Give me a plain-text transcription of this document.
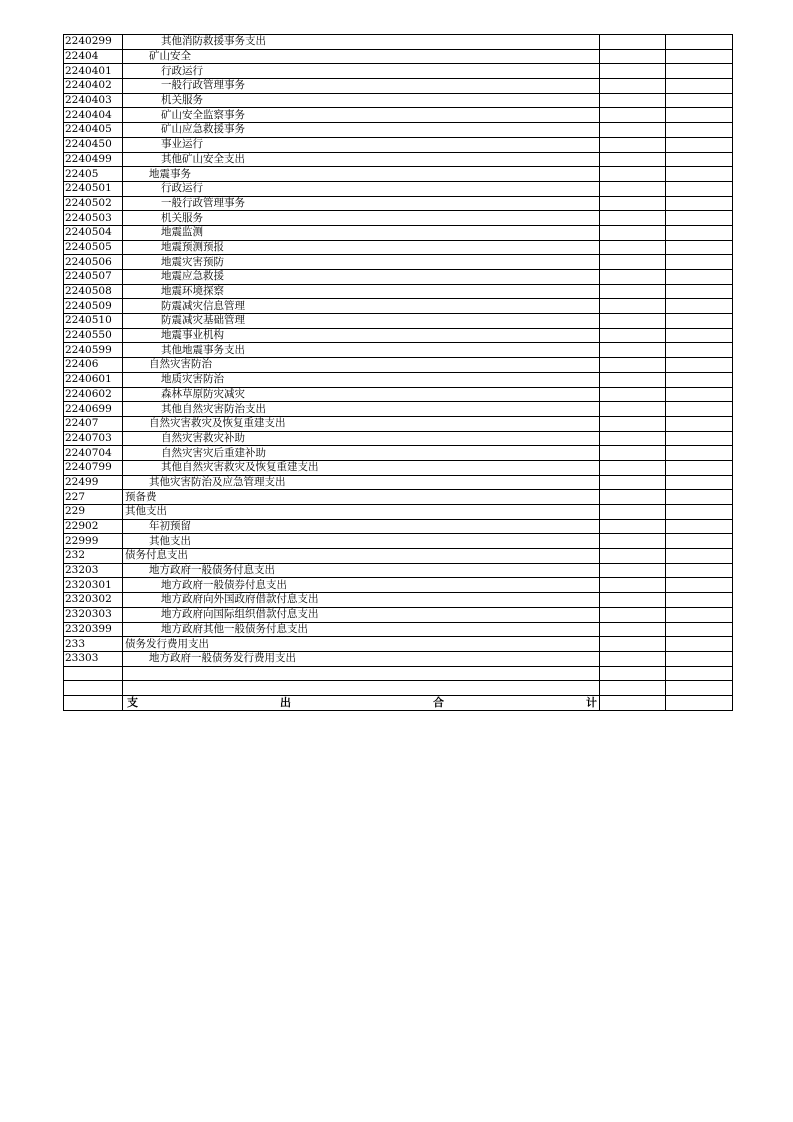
2240299	其他消防救援事务支出		
22404	矿山安全		
2240401	行政运行		
2240402	一般行政管理事务		
2240403	机关服务		
2240404	矿山安全监察事务		
2240405	矿山应急救援事务		
2240450	事业运行		
2240499	其他矿山安全支出		
22405	地震事务		
2240501	行政运行		
2240502	一般行政管理事务		
2240503	机关服务		
2240504	地震监测		
2240505	地震预测预报		
2240506	地震灾害预防		
2240507	地震应急救援		
2240508	地震环境探察		
2240509	防震减灾信息管理		
2240510	防震减灾基础管理		
2240550	地震事业机构		
2240599	其他地震事务支出		
22406	自然灾害防治		
2240601	地质灾害防治		
2240602	森林草原防灾减灾		
2240699	其他自然灾害防治支出		
22407	自然灾害救灾及恢复重建支出		
2240703	自然灾害救灾补助		
2240704	自然灾害灾后重建补助		
2240799	其他自然灾害救灾及恢复重建支出		
22499	其他灾害防治及应急管理支出		
227	预备费		
229	其他支出		
22902	年初预留		
22999	其他支出		
232	债务付息支出		
23203	地方政府一般债务付息支出		
2320301	地方政府一般债券付息支出		
2320302	地方政府向外国政府借款付息支出		
2320303	地方政府向国际组织借款付息支出		
2320399	地方政府其他一般债务付息支出		
233	债务发行费用支出		
23303	地方政府一般债务发行费用支出		

	支 出 合 计		
